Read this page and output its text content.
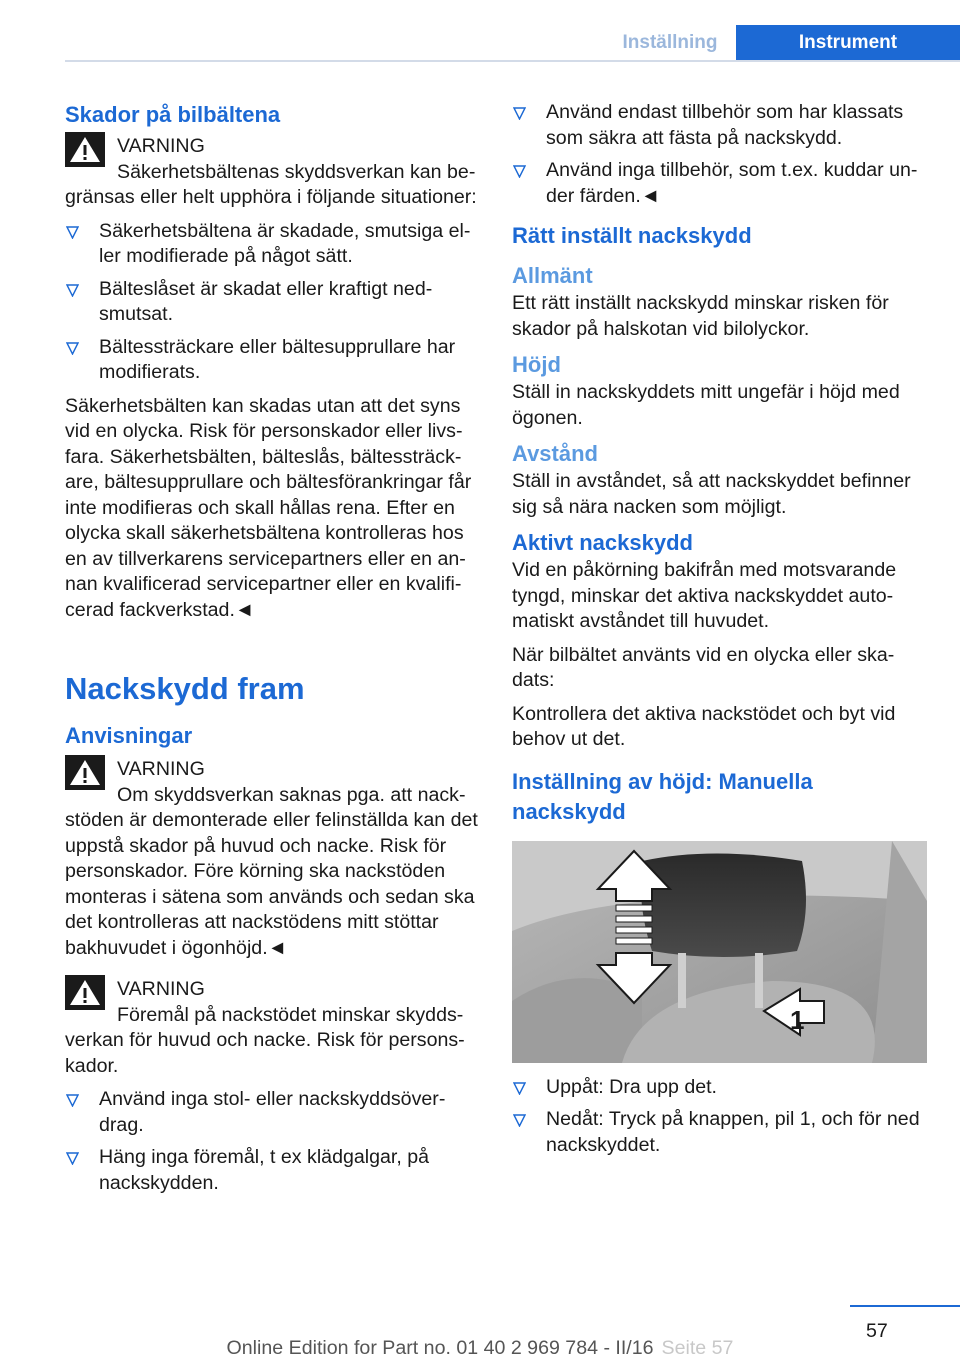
Inställning	Instrument
Skador på bilbältena

VARNING

Säkerhetsbältenas skyddsverkan kan begränsas eller helt upphöra i följande situationer:

Säkerhetsbältena är skadade, smutsiga eller modifierade på något sätt.
Bälteslåset är skadat eller kraftigt nedsmutsat.
Bältessträckare eller bältesupprullare har modifierats.

Säkerhetsbälten kan skadas utan att det syns vid en olycka. Risk för personskador eller livsfara. Säkerhetsbälten, bälteslås, bältessträckare, bältesupprullare och bältesförankringar får inte modifieras och skall hållas rena. Efter en olycka skall säkerhetsbältena kontrolleras hos en av tillverkarens servicepartners eller en annan kvalificerad servicepartner eller en kvalificerad fackverkstad.◄

Nackskydd fram
Anvisningar

VARNING

Om skyddsverkan saknas pga. att nackstöden är demonterade eller felinställda kan det uppstå skador på huvud och nacke. Risk för personskador. Före körning ska nackstöden monteras i sätena som används och sedan ska det kontrolleras att nackstödens mitt stöttar bakhuvudet i ögonhöjd.◄

VARNING

Föremål på nackstödet minskar skyddsverkan för huvud och nacke. Risk för personskador.

Använd inga stol- eller nackskyddsöverdrag.
Häng inga föremål, t ex klädgalgar, på nackskydden.
Använd endast tillbehör som har klassats som säkra att fästa på nackskydd.
Använd inga tillbehör, som t.ex. kuddar under färden.◄
Rätt inställt nackskydd
Allmänt

Ett rätt inställt nackskydd minskar risken för skador på halskotan vid bilolyckor.

Höjd

Ställ in nackskyddets mitt ungefär i höjd med ögonen.

Avstånd

Ställ in avståndet, så att nackskyddet befinner sig så nära nacken som möjligt.

Aktivt nackskydd

Vid en påkörning bakifrån med motsvarande tyngd, minskar det aktiva nackskyddet automatiskt avståndet till huvudet.

När bilbältet använts vid en olycka eller skadats:

Kontrollera det aktiva nackstödet och byt vid behov ut det.

Inställning av höjd: Manuella nackskydd
1
Uppåt: Dra upp det.
Nedåt: Tryck på knappen, pil 1, och för ned nackskyddet.
57
Online Edition for Part no. 01 40 2 969 784 - II/16 Seite 57
